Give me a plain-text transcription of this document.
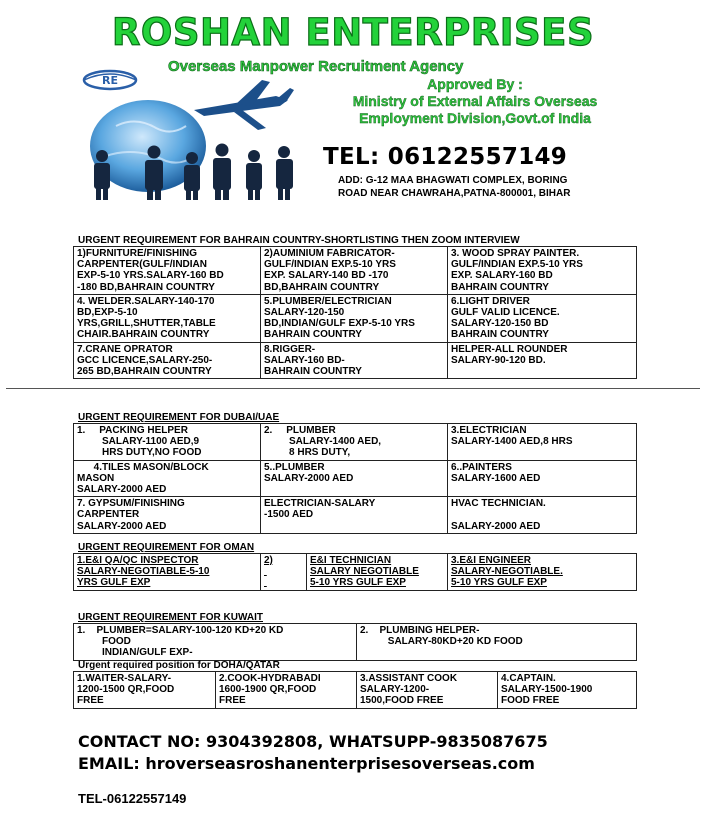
ROSHAN ENTERPRISES
Overseas Manpower Recruitment Agency
RE	Approved By :
Ministry of External Affairs Overseas
Employment Division,Govt.of India
TEL: 06122557149
ADD: G-12 MAA BHAGWATI COMPLEX, BORING
ROAD NEAR CHAWRAHA,PATNA-800001, BIHAR
URGENT REQUIREMENT FOR BAHRAIN COUNTRY-SHORTLISTING THEN ZOOM INTERVIEW
1)FURNITURE/FINISHING
CARPENTER(GULF/INDIAN
EXP-5-10 YRS.SALARY-160 BD
-180 BD,BAHRAIN COUNTRY	2)AUMINIUM FABRICATOR-
GULF/INDIAN EXP.5-10 YRS
EXP. SALARY-140 BD -170
BD,BAHRAIN COUNTRY	3. WOOD SPRAY PAINTER.
GULF/INDIAN EXP.5-10 YRS
EXP. SALARY-160 BD
BAHRAIN COUNTRY

4. WELDER.SALARY-140-170
BD,EXP-5-10
YRS,GRILL,SHUTTER,TABLE
CHAIR.BAHRAIN COUNTRY	5.PLUMBER/ELECTRICIAN
SALARY-120-150
BD,INDIAN/GULF EXP-5-10 YRS
BAHRAIN COUNTRY	6.LIGHT DRIVER
GULF VALID LICENCE.
SALARY-120-150 BD
BAHRAIN COUNTRY

7.CRANE OPRATOR
GCC LICENCE,SALARY-250-
265 BD,BAHRAIN COUNTRY	8.RIGGER-
SALARY-160 BD-
BAHRAIN COUNTRY	HELPER-ALL ROUNDER
SALARY-90-120 BD.
URGENT REQUIREMENT FOR DUBAI/UAE
1.     PACKING HELPER
SALARY-1100 AED,9
HRS DUTY,NO FOOD	2.     PLUMBER
SALARY-1400 AED,
8 HRS DUTY,	3.ELECTRICIAN
SALARY-1400 AED,8 HRS

4.TILES MASON/BLOCK
MASON
SALARY-2000 AED	5..PLUMBER
SALARY-2000 AED	6..PAINTERS
SALARY-1600 AED

7. GYPSUM/FINISHING
CARPENTER
SALARY-2000 AED	ELECTRICIAN-SALARY
-1500 AED	HVAC TECHNICIAN.

SALARY-2000 AED
URGENT REQUIREMENT FOR OMAN
1.E&I QA/QC INSPECTOR
SALARY-NEGOTIABLE-5-10
YRS GULF EXP

2)	E&I TECHNICIAN
SALARY NEGOTIABLE
5-10 YRS GULF EXP

3.E&I ENGINEER
SALARY-NEGOTIABLE.
5-10 YRS GULF EXP
URGENT REQUIREMENT FOR KUWAIT
1.    PLUMBER=SALARY-100-120 KD+20 KD
FOOD
INDIAN/GULF EXP-

2.    PLUMBING HELPER-
SALARY-80KD+20 KD FOOD
Urgent required position for DOHA/QATAR
1.WAITER-SALARY-
1200-1500 QR,FOOD
FREE

2.COOK-HYDRABADI
1600-1900 QR,FOOD
FREE

3.ASSISTANT COOK
SALARY-1200-
1500,FOOD FREE

4.CAPTAIN.
SALARY-1500-1900
FOOD FREE
CONTACT NO: 9304392808, WHATSUPP-9835087675
EMAIL: hroverseasroshanenterprisesoverseas.com
TEL-06122557149
